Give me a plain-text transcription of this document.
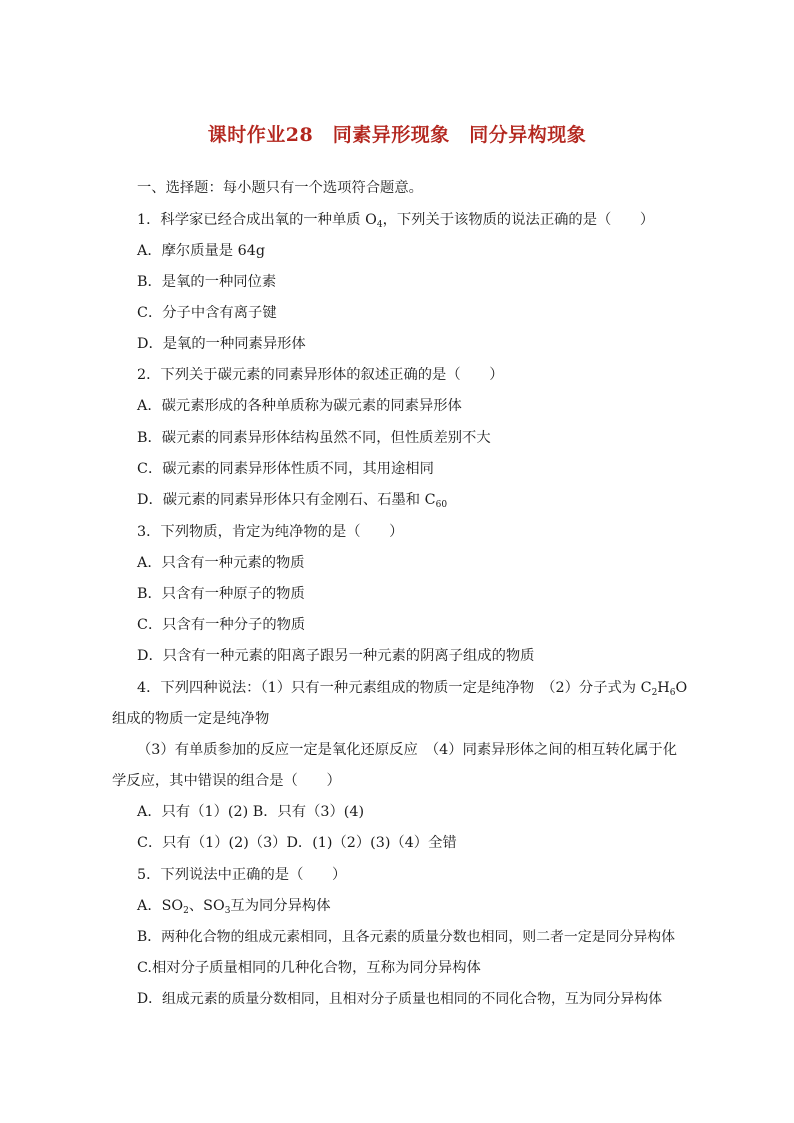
课时作业28　同素异形现象　同分异构现象
一、选择题：每小题只有一个选项符合题意。
1．科学家已经合成出氧的一种单质 $O_4$，下列关于该物质的说法正确的是（　　）
A．摩尔质量是 64g
B．是氧的一种同位素
C．分子中含有离子键
D．是氧的一种同素异形体
2．下列关于碳元素的同素异形体的叙述正确的是（　　）
A．碳元素形成的各种单质称为碳元素的同素异形体
B．碳元素的同素异形体结构虽然不同，但性质差别不大
C．碳元素的同素异形体性质不同，其用途相同
D．碳元素的同素异形体只有金刚石、石墨和 $C_{60}$
3．下列物质，肯定为纯净物的是（　　）
A．只含有一种元素的物质
B．只含有一种原子的物质
C．只含有一种分子的物质
D．只含有一种元素的阳离子跟另一种元素的阴离子组成的物质
4．下列四种说法：（1）只有一种元素组成的物质一定是纯净物　（2）分子式为 $C_2H_6O$
组成的物质一定是纯净物
（3）有单质参加的反应一定是氧化还原反应　（4）同素异形体之间的相互转化属于化
学反应，其中错误的组合是（　　）
A．只有（1）(2) B．只有（3）(4)
C．只有（1）(2)（3）D．(1)（2）(3)（4）全错
5．下列说法中正确的是（　　）
A．$SO_2$、$SO_3$互为同分异构体
B．两种化合物的组成元素相同，且各元素的质量分数也相同，则二者一定是同分异构体
C.相对分子质量相同的几种化合物，互称为同分异构体
D．组成元素的质量分数相同，且相对分子质量也相同的不同化合物，互为同分异构体
